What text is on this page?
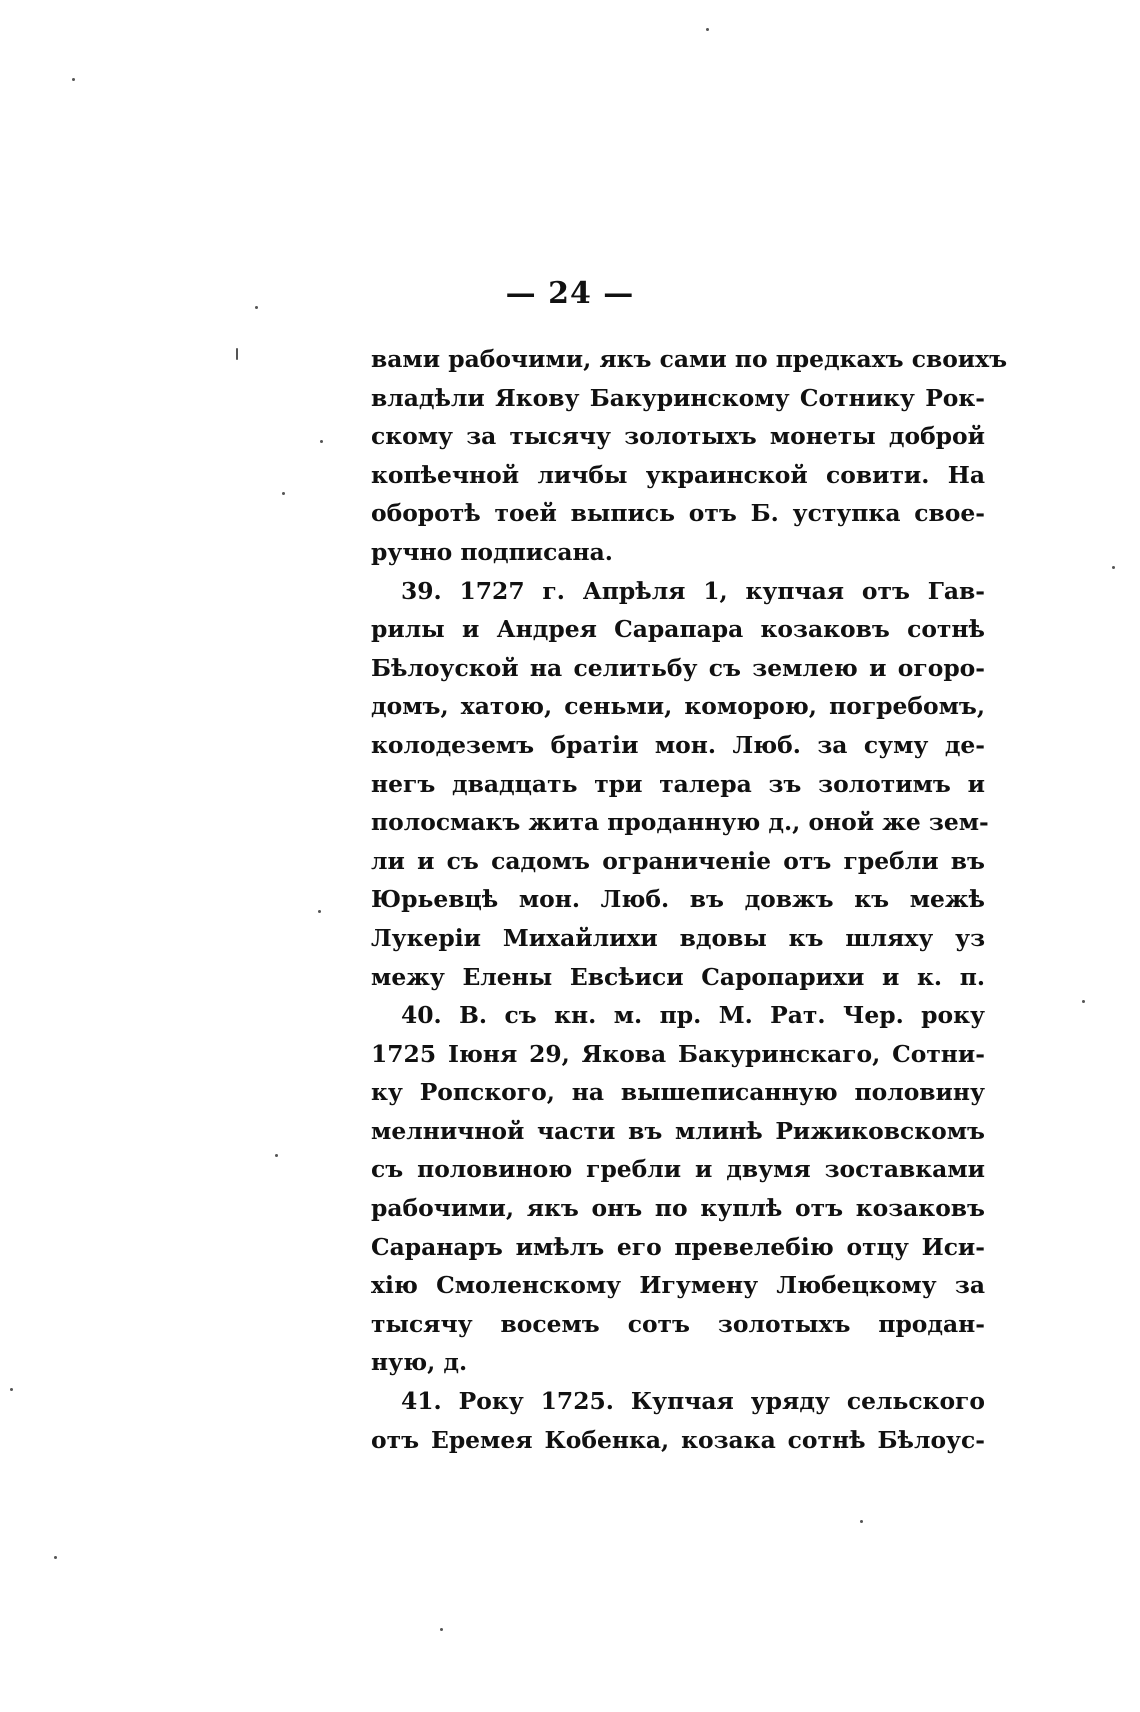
— 24 —
вами рабочими, якъ сами по предкахъ своихъ
владѣли Якову Бакуринскому Сотнику Рок-
скому за тысячу золотыхъ монеты доброй
копѣечной личбы украинской совити. На
оборотѣ тоей выпись отъ Б. уступка свое-
ручно подписана.
39. 1727 г. Апрѣля 1, купчая отъ Гав-
рилы и Андрея Сарапара козаковъ сотнѣ
Бѣлоуской на селитьбу съ землею и огоро-
домъ, хатою, сеньми, коморою, погребомъ,
колодеземъ братіи мон. Люб. за суму де-
негъ двадцать три талера зъ золотимъ и
полосмакъ жита проданную д., оной же зем-
ли и съ садомъ ограниченіе отъ гребли въ
Юрьевцѣ мон. Люб. въ довжъ къ межѣ
Лукеріи Михайлихи вдовы къ шляху уз
межу Елены Евсѣиси Саропарихи и к. п.
40. В. съ кн. м. пр. М. Рат. Чер. року
1725 Іюня 29, Якова Бакуринскаго, Сотни-
ку Ропского, на вышеписанную половину
мелничной части въ млинѣ Рижиковскомъ
съ половиною гребли и двумя зоставками
рабочими, якъ онъ по куплѣ отъ козаковъ
Саранаръ имѣлъ его превелебію отцу Иси-
хію Смоленскому Игумену Любецкому за
тысячу восемъ сотъ золотыхъ продан-
ную, д.
41. Року 1725. Купчая уряду сельского
отъ Еремея Кобенка, козака сотнѣ Бѣлоус-
